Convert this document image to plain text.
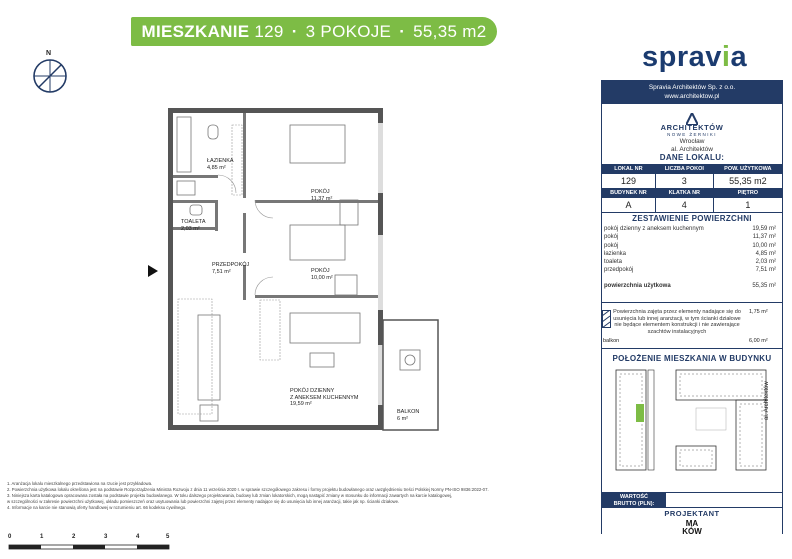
MIESZKANIE
129 · 3 POKOJE · 55,35 m2
spravia
N
ŁAZIENKA
4,85 m²
TOALETA
2,03 m²
PRZEDPOKÓJ
7,51 m²
POKÓJ
11,37 m²
POKÓJ
10,00 m²
POKÓJ DZIENNY
Z ANEKSEM KUCHENNYM
19,59 m²
BALKON
6 m²
Spravia Architektów Sp. z o.o.
www.architektow.pl
ARCHITEKTÓW
NOWE ŻERNIKI
Wrocław
al. Architektów
DANE LOKALU:
LOKAL NR	LICZBA POKOI	POW. UŻYTKOWA
129	3	55,35 m2
BUDYNEK NR	KLATKA NR	PIĘTRO
A	4	1
ZESTAWIENIE POWIERZCHNI
pokój dzienny z aneksem kuchennym	19,59 m²
pokój	11,37 m²
pokój	10,00 m²
łazienka	4,85 m²
toaleta	2,03 m²
przedpokój	7,51 m²
powierzchnia użytkowa	55,35 m²
Powierzchnia zajęta przez elementy nadające się do usunięcia lub innej aranżacji, w tym ścianki działowe nie będące elementem konstrukcji i nie zawierające szachtów instalacyjnych
1,75 m²
balkon	6,00 m²
POŁOŻENIE MIESZKANIA W BUDYNKU
al. Architektów
WARTOŚĆ
BRUTTO (PLN):
PROJEKTANT
MA
KÓW
1. Aranżacja lokalu mieszkalnego przedstawiona na rzucie jest przykładowa.
2. Powierzchnia użytkowa lokalu określona jest na podstawie Rozporządzenia Ministra Rozwoju z dnia 11 września 2020 r. w sprawie szczegółowego zakresu i formy projektu budowlanego oraz uwzględnieniu treści Polskiej Normy PN-ISO 9836:2022-07.
3. Niniejsza karta katalogowa opracowana została na podstawie projektu budowlanego. W toku dalszego projektowania, budowy lub zmian lokatorskich, mogą nastąpić zmiany w stosunku do informacji zawartych na karcie katalogowej,
w szczególności w zakresie powierzchni użytkowej, układu pomieszczeń oraz usytuowania lub powierzchni zajętej przez elementy nadające się do usunięcia lub innej aranżacji, takie jak np. ścianki działowe.
4. Informacje na karcie nie stanowią oferty handlowej w rozumieniu art. 66 kodeksu cywilnego.
0	1	2	3	4	5
